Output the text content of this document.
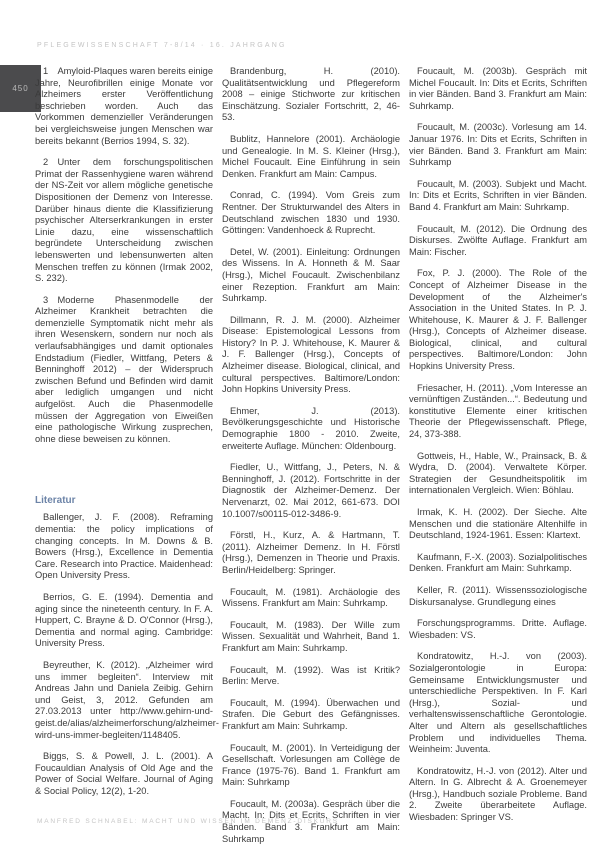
PFLEGEWISSENSCHAFT 7-8/14 · 16. JAHRGANG
450

1 Amyloid-Plaques waren bereits einige Jahre, Neurofibrillen einige Monate vor Alzheimers erster Veröffentlichung beschrieben worden. Auch das Vorkommen demenzieller Veränderungen bei vergleichsweise jungen Menschen war bereits bekannt (Berrios 1994, S. 32).

2 Unter dem forschungspolitischen Primat der Rassenhygiene waren während der NS-Zeit vor allem mögliche genetische Dispositionen der Demenz von Interesse. Darüber hinaus diente die Klassifizierung psychischer Alterserkrankungen in erster Linie dazu, eine wissenschaftlich begründete Unterscheidung zwischen lebenswerten und lebensunwerten alten Menschen treffen zu können (Irmak 2002, S. 232).

3 Moderne Phasenmodelle der Alzheimer Krankheit betrachten die demenzielle Symptomatik nicht mehr als ihren Wesenskern, sondern nur noch als verlaufsabhängiges und damit optionales Endstadium (Fiedler, Wittfang, Peters & Benninghoff 2012) – der Widerspruch zwischen Befund und Befinden wird damit aber lediglich umgangen und nicht aufgelöst. Auch die Phasenmodelle müssen der Aggregation von Eiweißen eine pathologische Wirkung zusprechen, ohne diese beweisen zu können.

Literatur

Ballenger, J. F. (2008). Reframing dementia: the policy implications of changing concepts. In M. Downs & B. Bowers (Hrsg.), Excellence in Dementia Care. Research into Practice. Maidenhead: Open University Press.

Berrios, G. E. (1994). Dementia and aging since the nineteenth century. In F. A. Huppert, C. Brayne & D. O'Connor (Hrsg.), Dementia and normal aging. Cambridge: University Press.

Beyreuther, K. (2012). „Alzheimer wird uns immer begleiten“. Interview mit Andreas Jahn und Daniela Zeibig. Gehirn und Geist, 3, 2012. Gefunden am 27.03.2013 unter http://www.gehirn-und-geist.de/alias/alzheimerforschung/alzheimer-wird-uns-immer-begleiten/1148405.

Biggs, S. & Powell, J. L. (2001). A Foucauldian Analysis of Old Age and the Power of Social Welfare. Journal of Aging & Social Policy, 12(2), 1-20.

Brandenburg, H. (2010). Qualitätsentwicklung und Pflegereform 2008 – einige Stichworte zur kritischen Einschätzung. Sozialer Fortschritt, 2, 46-53.

Bublitz, Hannelore (2001). Archäologie und Genealogie. In M. S. Kleiner (Hrsg.), Michel Foucault. Eine Einführung in sein Denken. Frankfurt am Main: Campus.

Conrad, C. (1994). Vom Greis zum Rentner. Der Strukturwandel des Alters in Deutschland zwischen 1830 und 1930. Göttingen: Vandenhoeck & Ruprecht.

Detel, W. (2001). Einleitung: Ordnungen des Wissens. In A. Honneth & M. Saar (Hrsg.), Michel Foucault. Zwischenbilanz einer Rezeption. Frankfurt am Main: Suhrkamp.

Dillmann, R. J. M. (2000). Alzheimer Disease: Epistemological Lessons from History? In P. J. Whitehouse, K. Maurer & J. F. Ballenger (Hrsg.), Concepts of Alzheimer disease. Biological, clinical, and cultural perspectives. Baltimore/London: John Hopkins University Press.

Ehmer, J. (2013). Bevölkerungsgeschichte und Historische Demographie 1800 - 2010. Zweite, erweiterte Auflage. München: Oldenbourg.

Fiedler, U., Wittfang, J., Peters, N. & Benninghoff, J. (2012). Fortschritte in der Diagnostik der Alzheimer-Demenz. Der Nervenarzt, 02. Mai 2012, 661-673. DOI 10.1007/s00115-012-3486-9.

Förstl, H., Kurz, A. & Hartmann, T. (2011). Alzheimer Demenz. In H. Förstl (Hrsg.), Demenzen in Theorie und Praxis. Berlin/Heidelberg: Springer.

Foucault, M. (1981). Archäologie des Wissens. Frankfurt am Main: Suhrkamp.

Foucault, M. (1983). Der Wille zum Wissen. Sexualität und Wahrheit, Band 1. Frankfurt am Main: Suhrkamp.

Foucault, M. (1992). Was ist Kritik? Berlin: Merve.

Foucault, M. (1994). Überwachen und Strafen. Die Geburt des Gefängnisses. Frankfurt am Main: Suhrkamp.

Foucault, M. (2001). In Verteidigung der Gesellschaft. Vorlesungen am Collège de France (1975-76). Band 1. Frankfurt am Main: Suhrkamp

Foucault, M. (2003a). Gespräch über die Macht. In: Dits et Ecrits, Schriften in vier Bänden. Band 3. Frankfurt am Main: Suhrkamp

Foucault, M. (2003b). Gespräch mit Michel Foucault. In: Dits et Ecrits, Schriften in vier Bänden. Band 3. Frankfurt am Main: Suhrkamp.

Foucault, M. (2003c). Vorlesung am 14. Januar 1976. In: Dits et Ecrits, Schriften in vier Bänden. Band 3. Frankfurt am Main: Suhrkamp

Foucault, M. (2003). Subjekt und Macht. In: Dits et Ecrits, Schriften in vier Bänden. Band 4. Frankfurt am Main: Suhrkamp.

Foucault, M. (2012). Die Ordnung des Diskurses. Zwölfte Auflage. Frankfurt am Main: Fischer.

Fox, P. J. (2000). The Role of the Concept of Alzheimer Disease in the Development of the Alzheimer's Association in the United States. In P. J. Whitehouse, K. Maurer & J. F. Ballenger (Hrsg.), Concepts of Alzheimer disease. Biological, clinical, and cultural perspectives. Baltimore/London: John Hopkins University Press.

Friesacher, H. (2011). „Vom Interesse an vernünftigen Zuständen...“. Bedeutung und konstitutive Elemente einer kritischen Theorie der Pflegewissenschaft. Pflege, 24, 373-388.

Gottweis, H., Hable, W., Prainsack, B. & Wydra, D. (2004). Verwaltete Körper. Strategien der Gesundheitspolitik im internationalen Vergleich. Wien: Böhlau.

Irmak, K. H. (2002). Der Sieche. Alte Menschen und die stationäre Altenhilfe in Deutschland, 1924-1961. Essen: Klartext.

Kaufmann, F.-X. (2003). Sozialpolitisches Denken. Frankfurt am Main: Suhrkamp.

Keller, R. (2011). Wissenssoziologische Diskursanalyse. Grundlegung eines

Forschungsprogramms. Dritte. Auflage. Wiesbaden: VS.

Kondratowitz, H.-J. von (2003). Sozialgerontologie in Europa: Gemeinsame Entwicklungsmuster und unterschiedliche Perspektiven. In F. Karl (Hrsg.), Sozial- und verhaltenswissenschaftliche Gerontologie. Alter und Altern als gesellschaftliches Problem und individuelles Thema. Weinheim: Juventa.

Kondratowitz, H.-J. von (2012). Alter und Altern. In G. Albrecht & A. Groenemeyer (Hrsg.), Handbuch soziale Probleme. Band 2. Zweite überarbeitete Auflage. Wiesbaden: Springer VS.

MANFRED SCHNABEL: MACHT UND WISSEN IM DEMENZ-DISKURS
